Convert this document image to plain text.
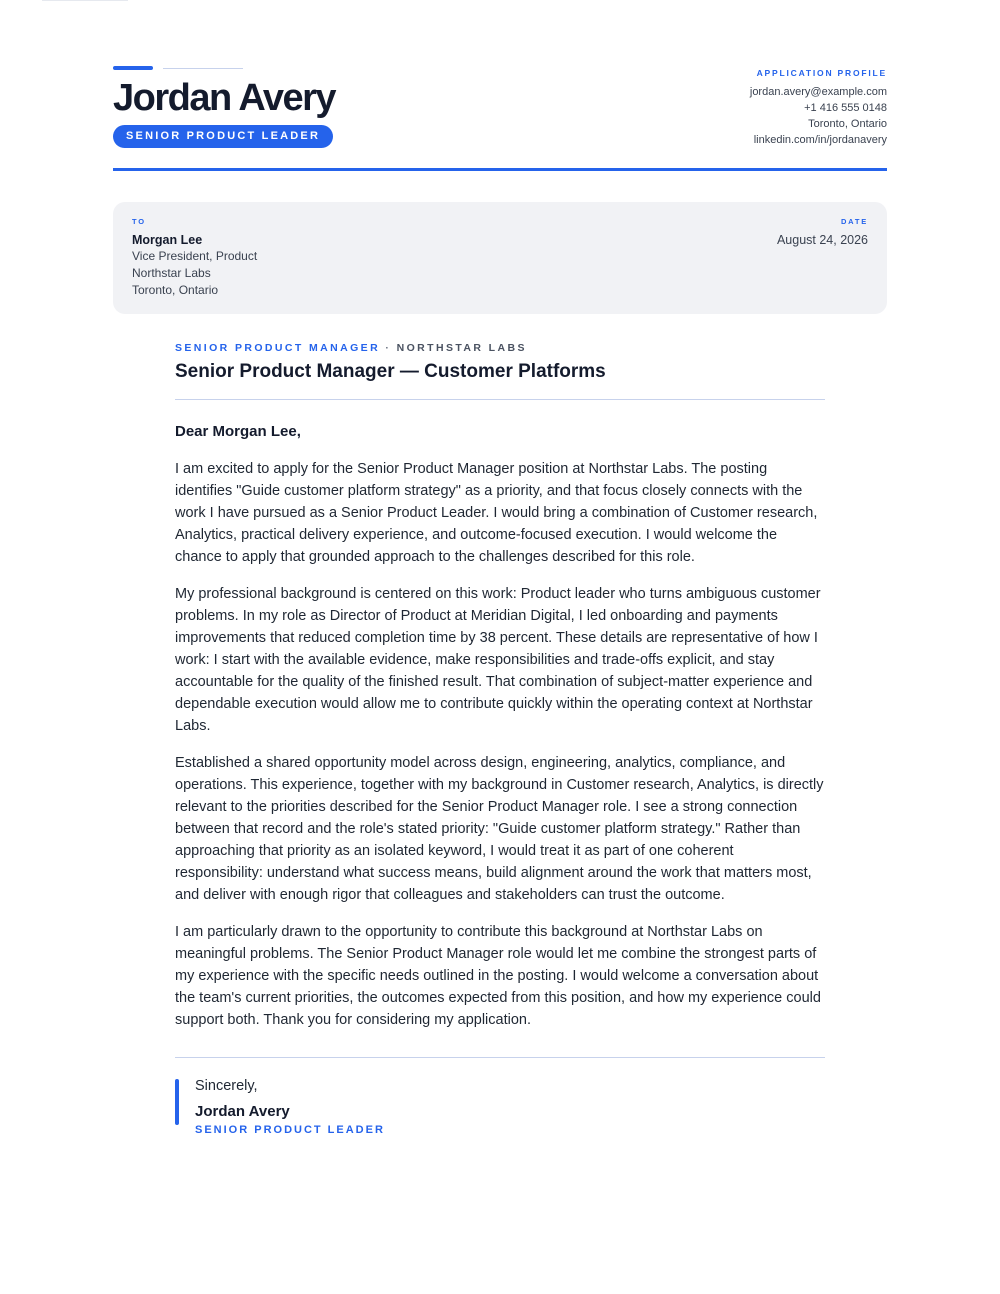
Jordan Avery
SENIOR PRODUCT LEADER
APPLICATION PROFILE
jordan.avery@example.com
+1 416 555 0148
Toronto, Ontario
linkedin.com/in/jordanavery
TO
Morgan Lee
Vice President, Product
Northstar Labs
Toronto, Ontario
DATE
August 24, 2026
SENIOR PRODUCT MANAGER · NORTHSTAR LABS
Senior Product Manager — Customer Platforms

Dear Morgan Lee,

I am excited to apply for the Senior Product Manager position at Northstar Labs. The posting identifies "Guide customer platform strategy" as a priority, and that focus closely connects with the work I have pursued as a Senior Product Leader. I would bring a combination of Customer research, Analytics, practical delivery experience, and outcome-focused execution. I would welcome the chance to apply that grounded approach to the challenges described for this role.

My professional background is centered on this work: Product leader who turns ambiguous customer problems. In my role as Director of Product at Meridian Digital, I led onboarding and payments improvements that reduced completion time by 38 percent. These details are representative of how I work: I start with the available evidence, make responsibilities and trade-offs explicit, and stay accountable for the quality of the finished result. That combination of subject-matter experience and dependable execution would allow me to contribute quickly within the operating context at Northstar Labs.

Established a shared opportunity model across design, engineering, analytics, compliance, and operations. This experience, together with my background in Customer research, Analytics, is directly relevant to the priorities described for the Senior Product Manager role. I see a strong connection between that record and the role's stated priority: "Guide customer platform strategy." Rather than approaching that priority as an isolated keyword, I would treat it as part of one coherent responsibility: understand what success means, build alignment around the work that matters most, and deliver with enough rigor that colleagues and stakeholders can trust the outcome.

I am particularly drawn to the opportunity to contribute this background at Northstar Labs on meaningful problems. The Senior Product Manager role would let me combine the strongest parts of my experience with the specific needs outlined in the posting. I would welcome a conversation about the team's current priorities, the outcomes expected from this position, and how my experience could support both. Thank you for considering my application.

Sincerely,
Jordan Avery
SENIOR PRODUCT LEADER
